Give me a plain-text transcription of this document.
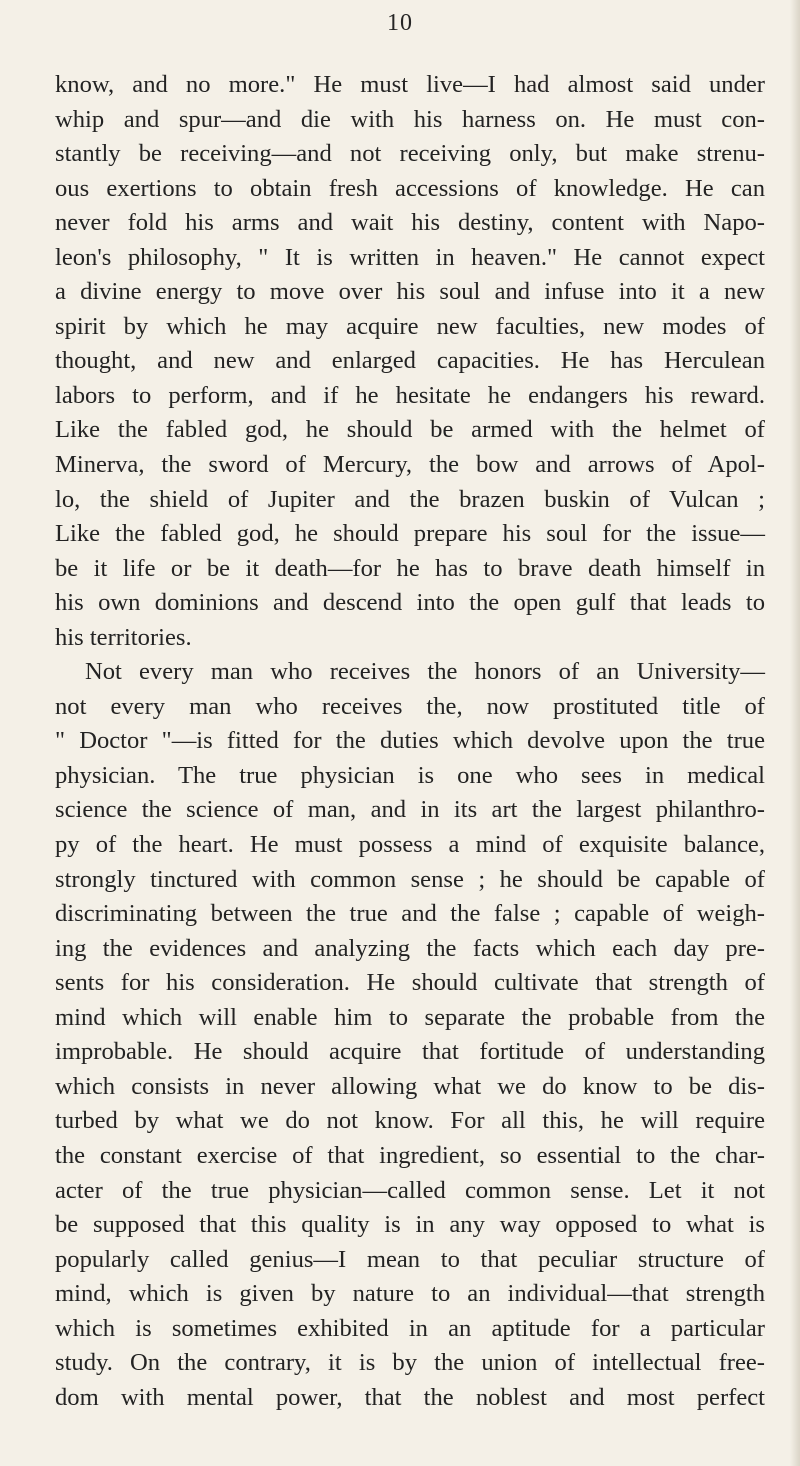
10
know, and no more." He must live—I had almost said under
whip and spur—and die with his harness on. He must con-
stantly be receiving—and not receiving only, but make strenu-
ous exertions to obtain fresh accessions of knowledge. He can
never fold his arms and wait his destiny, content with Napo-
leon's philosophy, " It is written in heaven." He cannot expect
a divine energy to move over his soul and infuse into it a new
spirit by which he may acquire new faculties, new modes of
thought, and new and enlarged capacities. He has Herculean
labors to perform, and if he hesitate he endangers his reward.
Like the fabled god, he should be armed with the helmet of
Minerva, the sword of Mercury, the bow and arrows of Apol-
lo, the shield of Jupiter and the brazen buskin of Vulcan ;
Like the fabled god, he should prepare his soul for the issue—
be it life or be it death—for he has to brave death himself in
his own dominions and descend into the open gulf that leads to
his territories.
Not every man who receives the honors of an University—
not every man who receives the, now prostituted title of
" Doctor "—is fitted for the duties which devolve upon the true
physician. The true physician is one who sees in medical
science the science of man, and in its art the largest philanthro-
py of the heart. He must possess a mind of exquisite balance,
strongly tinctured with common sense ; he should be capable of
discriminating between the true and the false ; capable of weigh-
ing the evidences and analyzing the facts which each day pre-
sents for his consideration. He should cultivate that strength of
mind which will enable him to separate the probable from the
improbable. He should acquire that fortitude of understanding
which consists in never allowing what we do know to be dis-
turbed by what we do not know. For all this, he will require
the constant exercise of that ingredient, so essential to the char-
acter of the true physician—called common sense. Let it not
be supposed that this quality is in any way opposed to what is
popularly called genius—I mean to that peculiar structure of
mind, which is given by nature to an individual—that strength
which is sometimes exhibited in an aptitude for a particular
study. On the contrary, it is by the union of intellectual free-
dom with mental power, that the noblest and most perfect
